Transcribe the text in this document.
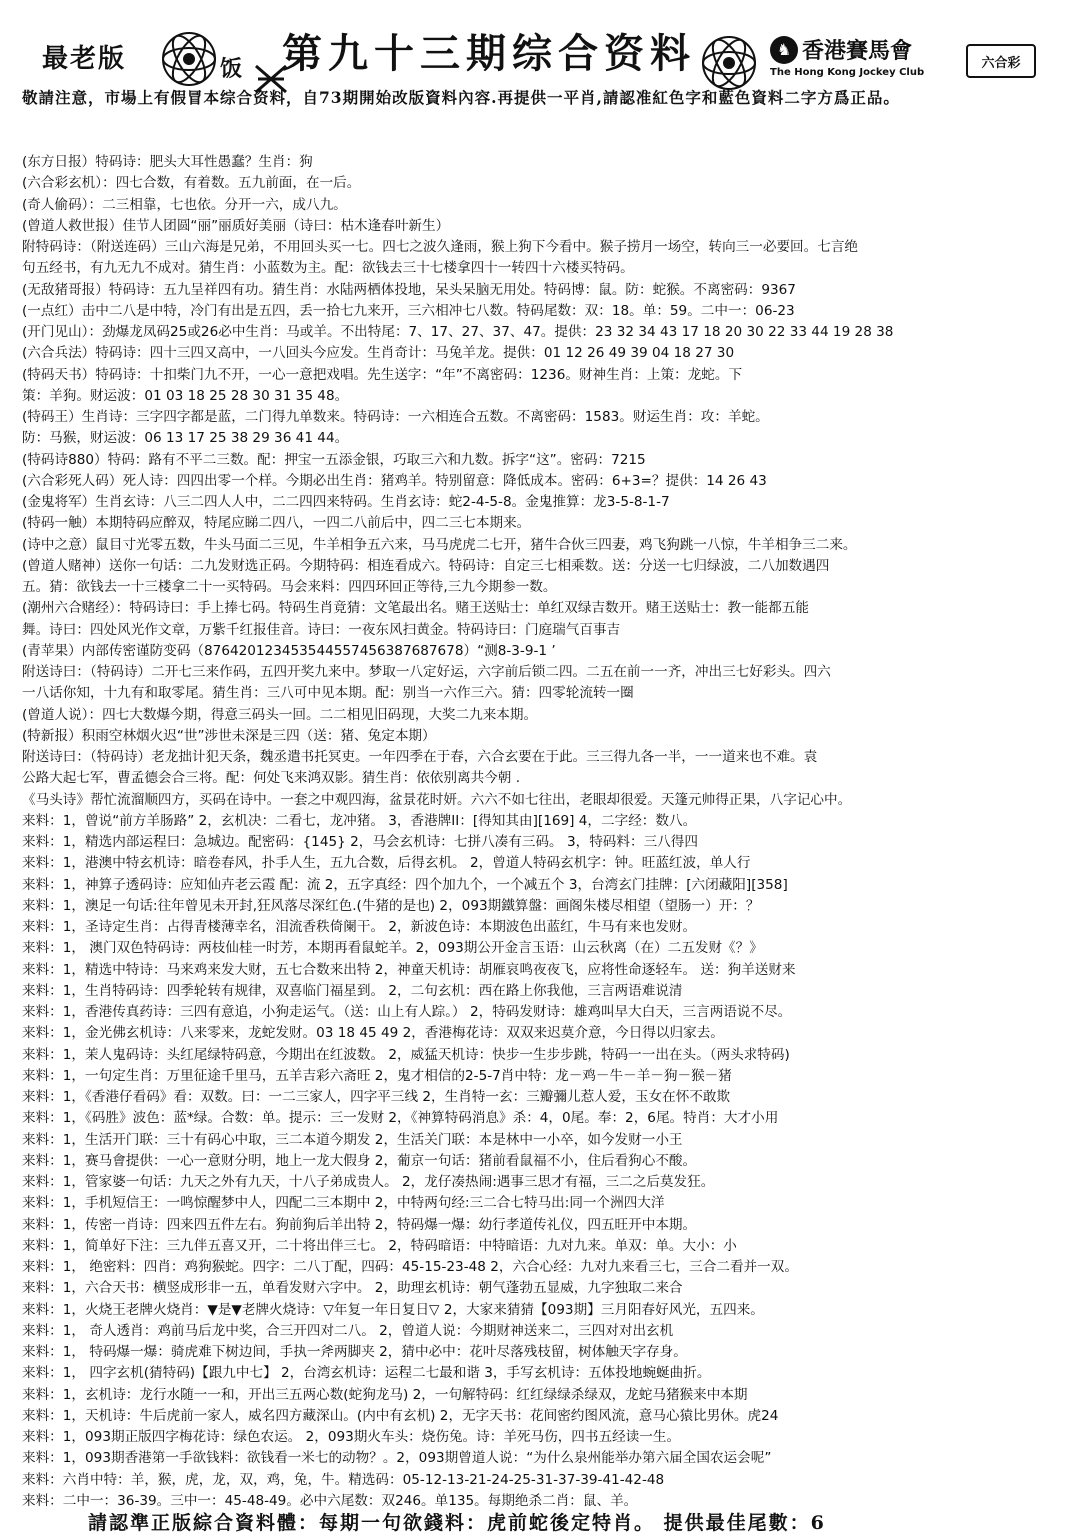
最老版	饭 第九十三期综合资料	♞ 香港賽馬會
The Hong Kong Jockey Club
六合彩
敬請注意，市場上有假冒本综合资料，自73期開始改版資料內容.再提供一平肖,請認准紅色字和藍色資料二字方爲正品。
(东方日报）特码诗：肥头大耳性愚蠢？生肖：狗
(六合彩玄机）：四七合数，有着数。五九前面，在一后。
(奇人偷码）：二三相靠，七也依。分开一六，成八九。
(曾道人救世报）佳节人团圆“丽”丽质好美丽（诗曰：枯木逢春叶新生）
附特码诗：（附送连码）三山六海是兄弟，不用回头买一七。四七之波久逢雨，猴上狗下今看中。猴子捞月一场空，转向三一必要回。七言绝
句五经书，有九无九不成对。猜生肖：小蓝数为主。配：欲钱去三十七楼拿四十一转四十六楼买特码。
(无敌猪哥报）特码诗：五九呈祥四有功。猜生肖：水陆两栖体投地，呆头呆脑无用处。特码博：鼠。防：蛇猴。不离密码：9367
(一点红）击中二八是中特，冷门有出是五四，丢一拾七九来开，三六相冲七八数。特码尾数：双：18。单：59。二中一：06-23
(开门见山）：劲爆龙凤码25或26必中生肖：马或羊。不出特尾：7、17、27、37、47。提供：23 32 34 43 17 18 20 30 22 33 44 19 28 38
(六合兵法）特码诗：四十三四又高中，一八回头今应发。生肖奇计：马兔羊龙。提供：01 12 26 49 39 04 18 27 30
(特码天书）特码诗：十扣柴门九不开，一心一意把戏唱。先生送字：“年”不离密码：1236。财神生肖：上策：龙蛇。下
策：羊狗。财运波：01 03 18 25 28 30 31 35 48。
(特码王）生肖诗：三字四字都是蓝，二门得九单数来。特码诗：一六相连合五数。不离密码：1583。财运生肖：攻：羊蛇。
防：马猴，财运波：06 13 17 25 38 29 36 41 44。
(特码诗880）特码：路有不平二三数。配：押宝一五添金银，巧取三六和九数。拆字“这”。密码：7215
(六合彩死人码）死人诗：四四出零一个样。今期必出生肖：猪鸡羊。特别留意：降低成本。密码：6+3=？提供：14 26 43
(金鬼将军）生肖玄诗：八三二四人人中，二二四四来特码。生肖玄诗：蛇2-4-5-8。金鬼推算：龙3-5-8-1-7
(特码一触）本期特码应醉双，特尾应睇二四八，一四二八前后中，四二三七本期来。
(诗中之意）鼠目寸光零五数，牛头马面二三见，牛羊相争五六来，马马虎虎二七开，猪牛合伙三四妻，鸡飞狗跳一八惊，牛羊相争三二来。
(曾道人赌神）送你一句话：二九发财选正码。今期特码：相连看成六。特码诗：自定三七相乘数。送：分送一七归绿波，二八加数遇四
五。猜：欲钱去一十三楼拿二十一买特码。马会来料：四四环回正等待,三九今期参一数。
(潮州六合赌经）：特码诗曰：手上捧七码。特码生肖竟猜：文笔最出名。赌王送贴士：单红双绿吉数开。赌王送贴士：教一能都五能
舞。诗曰：四处风光作文章，万紫千红报佳音。诗曰：一夜东风扫黄金。特码诗曰：门庭瑞气百事吉
(青苹果）内部传密谨防变码（876420123453544557456387687678）“测8-3-9-1 ’
附送诗曰：（特码诗）二开七三来作码，五四开奖九来中。梦取一八定好运，六字前后锁二四。二五在前一一齐，冲出三七好彩头。四六
一八话你知，十九有和取零尾。猜生肖：三八可中见本期。配：别当一六作三六。猜：四零轮流转一圈
(曾道人说）：四七大数爆今期，得意三码头一回。二二相见旧码现，大奖二九来本期。
(特新报）积雨空林烟火迟“世”涉世未深是三四（送：猪、兔定本期）
附送诗曰：（特码诗）老龙拙计犯天条，魏丞遣书托冥吏。一年四季在于春，六合玄要在于此。三三得九各一半，一一道来也不难。袁
公路大起七军，曹孟德会合三将。配：何处飞来鸿双影。猜生肖：依依别离共今朝 .
《马头诗》帮忙流溜顺四方，买码在诗中。一套之中观四海，盆景花时妍。六六不如七往出，老眼却很爱。天篷元帅得正果，八字记心中。
来料：1，曾说“前方羊肠路” 2，玄机决：二看七，龙冲猪。 3，香港牌II：[得知其由][169] 4，二字经：数八。
来料：1，精选内部运程曰：急城边。配密码：{145} 2，马会玄机诗：七拼八凑有三码。 3，特码料：三八得四
来料：1，港澳中特玄机诗：暗卷春风，扑手人生，五九合数，后得玄机。 2，曾道人特码玄机字：钟。旺蓝红波，单人行
来料：1，神算子透码诗：应知仙卉老云霞 配：流 2，五字真经：四个加九个，一个减五个 3，台湾玄门挂牌：[六闭藏阳][358]
来料：1，澳足一句话:往年曾见未开封,狂风落尽深红色.(牛猪的是也) 2，093期鐵算盤：画阁朱楼尽相望（望肠一）开：？
来料：1，圣诗定生肖：占得青楼薄幸名，泪流香秩倚阑干。 2，新波色诗：本期波色出蓝红，牛马有来也发财。
来料：1， 澳门双色特码诗：两枝仙桂一时芳，本期再看鼠蛇羊。2，093期公开金言玉语：山云秋离（在）二五发财《？》
来料：1，精选中特诗：马来鸡来发大财，五七合数来出特 2，神童天机诗：胡雁哀鸣夜夜飞，应将性命逐轻车。 送：狗羊送财来
来料：1，生肖特码诗：四季轮转有规律，双喜临门福星到。 2，二句玄机：西在路上你我他，三言两语难说清
来料：1，香港传真药诗：三四有意追，小狗走运气。（送：山上有人踪。） 2，特码发财诗：雄鸡叫早大白天，三言两语说不尽。
来料：1，金光佛玄机诗：八来零来，龙蛇发财。03 18 45 49 2，香港梅花诗：双双来迟莫介意，今日得以归家去。
来料：1，茉人鬼码诗：头红尾绿特码意，今期出在红波数。 2，威猛天机诗：快步一生步步跳，特码一一出在头。（两头求特码)
来料：1，一句定生肖：万里征途千里马，五羊吉彩六斋旺 2，鬼才相信的2-5-7肖中特：龙－鸡－牛－羊－狗－猴－猪
来料：1，《香港仔看码》看：双数。曰：一二三家人，四字平三线 2，生肖特一玄：三瓣彌儿惹人爱，玉女在怀不敢欺
来料：1，《码胜》波色：蓝*绿。合数：单。提示：三一发财 2，《神算特码消息》杀：4，0尾。奉：2，6尾。特肖：大才小用
来料：1，生活开门联：三十有码心中取，三二本道今期发 2，生活关门联：本是林中一小卒，如今发财一小王
来料：1，赛马會提供：一心一意财分明，地上一龙大假身 2，葡京一句话：猪前看鼠福不小，住后看狗心不酸。
来料：1，管家婆一句话：九天之外有九天，十八子弟成贵人。 2，龙仔凑热闹:遇事三思才有福，三二之后莫发狂。
来料：1，手机短信王：一鸣惊醒梦中人，四配二三本期中 2，中特两句经:三二合七特马出:同一个洲四大洋
来料：1，传密一肖诗：四来四五件左右。狗前狗后羊出特 2，特码爆一爆：幼行孝道传礼仪，四五旺开中本期。
来料：1，简单好下注：三九伴五喜又开，二十将出伴三七。 2，特码暗语：中特暗语：九对九来。单双：单。大小：小
来料：1， 绝密料：四肖：鸡狗猴蛇。四字：二八丁配，四码：45-15-23-48 2，六合心经：九对九来看三七，三合二看并一双。
来料：1，六合天书：横竖成形非一五，单看发财六字中。 2，助理玄机诗：朝气蓬勃五显威，九字独取二来合
来料：1，火烧王老牌火烧肖：▼是▼老牌火烧诗：▽年复一年日复日▽ 2，大家来猜猜【093期】三月阳春好风光，五四来。
来料：1， 奇人透肖：鸡前马后龙中奖，合三开四对二八。 2，曾道人说：今期财神送来二，三四对对出玄机
来料：1， 特码爆一爆：骑虎难下树边间，手执一斧两脚夹 2，猜中必中：花叶尽落残枝留，树体触天字存身。
来料：1， 四字玄机(猜特码)【跟九中七】 2，台湾玄机诗：运程二七最和谐 3，手写玄机诗：五体投地蜿蜒曲折。
来料：1，玄机诗：龙行水随一一和，开出三五两心数(蛇狗龙马) 2，一句解特码：红红绿绿杀绿双，龙蛇马猪猴来中本期
来料：1，天机诗：牛后虎前一家人，威名四方藏深山。(内中有玄机) 2，无字天书：花间密约图风流，意马心猿比男休。虎24
来料：1，093期正版四字梅花诗：绿色农运。 2，093期火车头：烧伤兔。诗：羊死马伤，四书五经读一生。
来料：1，093期香港第一手欲钱料：欲钱看一米七的动物？。2，093期曾道人说：“为什么泉州能举办第六届全国农运会呢”
来料：六肖中特：羊，猴，虎，龙，双，鸡，兔，牛。精选码：05-12-13-21-24-25-31-37-39-41-42-48
来料：二中一：36-39。三中一：45-48-49。必中六尾数：双246。单135。每期绝杀二肖：鼠、羊。
請認準正版綜合資料體：每期一句欲錢料：虎前蛇後定特肖。 提供最佳尾數：6
